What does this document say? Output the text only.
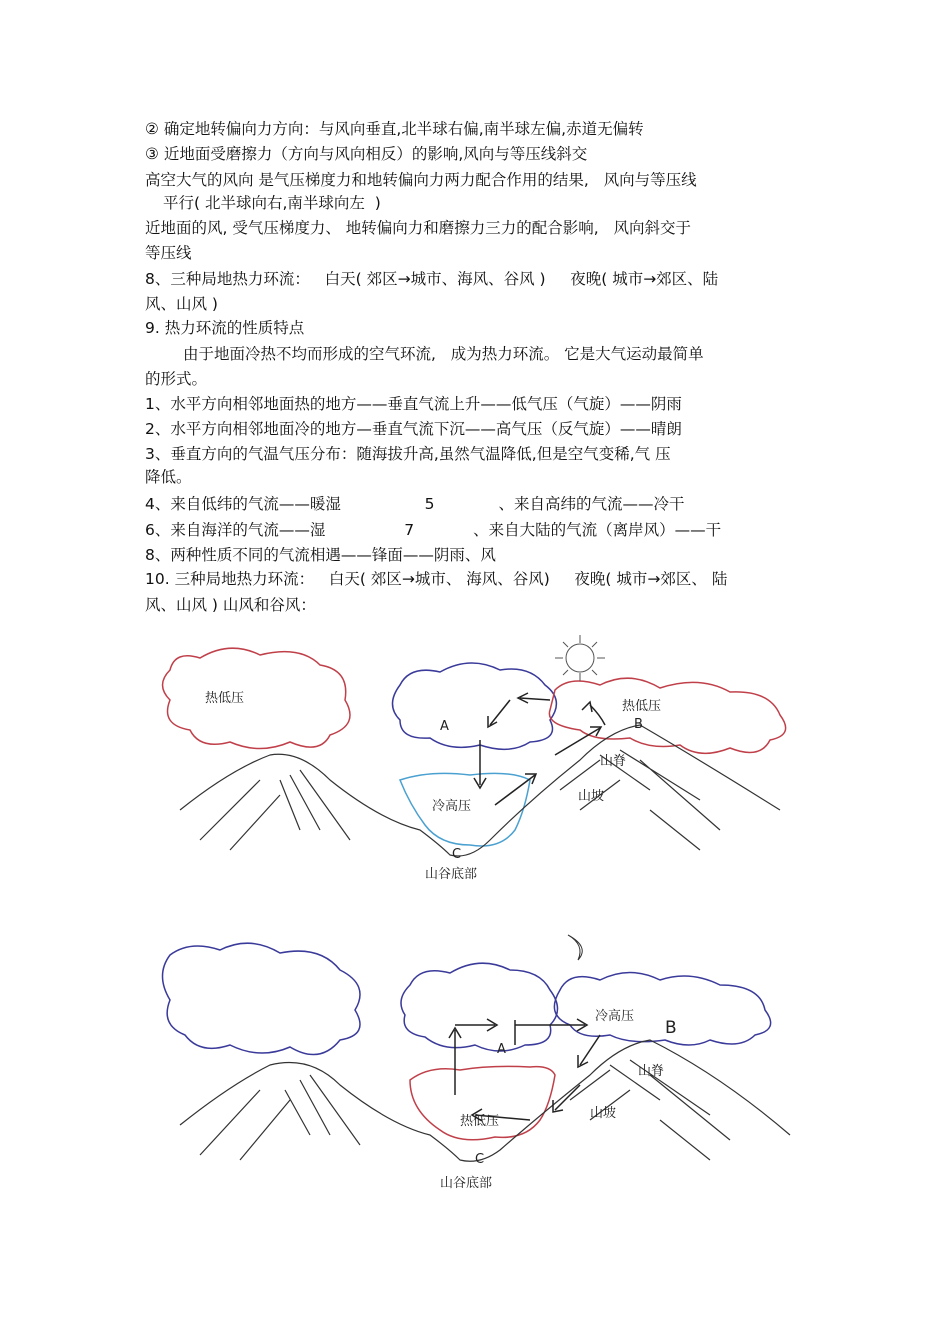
② 确定地转偏向力方向：与风向垂直,北半球右偏,南半球左偏,赤道无偏转
③ 近地面受磨擦力（方向与风向相反）的影响,风向与等压线斜交
高空大气的风向 是气压梯度力和地转偏向力两力配合作用的结果,   风向与等压线
平行( 北半球向右,南半球向左  )
近地面的风, 受气压梯度力、 地转偏向力和磨擦力三力的配合影响,   风向斜交于
等压线
8、三种局地热力环流：   白天( 郊区→城市、海风、谷风 )     夜晚( 城市→郊区、陆
风、山风 )
9. 热力环流的性质特点
由于地面冷热不均而形成的空气环流,   成为热力环流。 它是大气运动最简单
的形式。
1、水平方向相邻地面热的地方——垂直气流上升——低气压（气旋）——阴雨
2、水平方向相邻地面冷的地方—垂直气流下沉——高气压（反气旋）——晴朗
3、垂直方向的气温气压分布：随海拔升高,虽然气温降低,但是空气变稀,气 压
降低。
4、来自低纬的气流——暖湿                 5             、来自高纬的气流——冷干
6、来自海洋的气流——湿                7            、来自大陆的气流（离岸风）——干
8、两种性质不同的气流相遇——锋面——阴雨、风
10. 三种局地热力环流：   白天( 郊区→城市、 海风、谷风)     夜晚( 城市→郊区、 陆
风、山风 ) 山风和谷风：
热低压
A
热低压
B
冷高压
山脊
山坡
C
山谷底部
冷高压
B
A
山脊
山坡
热低压
C
山谷底部
